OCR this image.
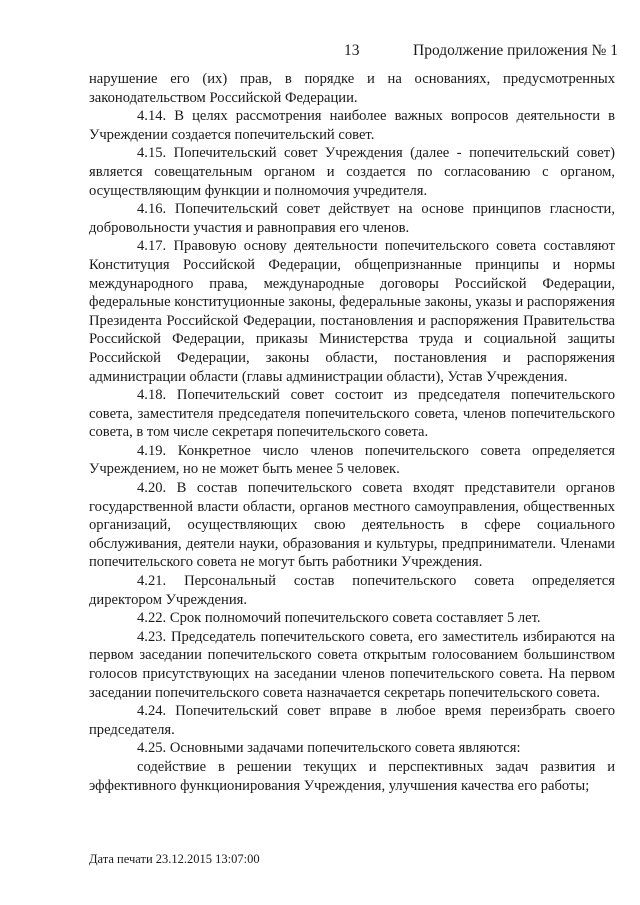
13	Продолжение приложения № 1

нарушение его (их) прав, в порядке и на основаниях, предусмотренных законодательством Российской Федерации.

4.14. В целях рассмотрения наиболее важных вопросов деятельности в Учреждении создается попечительский совет.

4.15. Попечительский совет Учреждения (далее - попечительский совет) является совещательным органом и создается по согласованию с органом, осуществляющим функции и полномочия учредителя.

4.16. Попечительский совет действует на основе принципов гласности, добровольности участия и равноправия его членов.

4.17. Правовую основу деятельности попечительского совета составляют Конституция Российской Федерации, общепризнанные принципы и нормы международного права, международные договоры Российской Федерации, федеральные конституционные законы, федеральные законы, указы и распоряжения Президента Российской Федерации, постановления и распоряжения Правительства Российской Федерации, приказы Министерства труда и социальной защиты Российской Федерации, законы области, постановления и распоряжения администрации области (главы администрации области), Устав Учреждения.

4.18. Попечительский совет состоит из председателя попечительского совета, заместителя председателя попечительского совета, членов попечительского совета, в том числе секретаря попечительского совета.

4.19. Конкретное число членов попечительского совета определяется Учреждением, но не может быть менее 5 человек.

4.20. В состав попечительского совета входят представители органов государственной власти области, органов местного самоуправления, общественных организаций, осуществляющих свою деятельность в сфере социального обслуживания, деятели науки, образования и культуры, предприниматели. Членами попечительского совета не могут быть работники Учреждения.

4.21. Персональный состав попечительского совета определяется директором Учреждения.

4.22. Срок полномочий попечительского совета составляет 5 лет.

4.23. Председатель попечительского совета, его заместитель избираются на первом заседании попечительского совета открытым голосованием большинством голосов присутствующих на заседании членов попечительского совета. На первом заседании попечительского совета назначается секретарь попечительского совета.

4.24. Попечительский совет вправе в любое время переизбрать своего председателя.

4.25. Основными задачами попечительского совета являются:

содействие в решении текущих и перспективных задач развития и эффективного функционирования Учреждения, улучшения качества его работы;

Дата печати 23.12.2015 13:07:00
